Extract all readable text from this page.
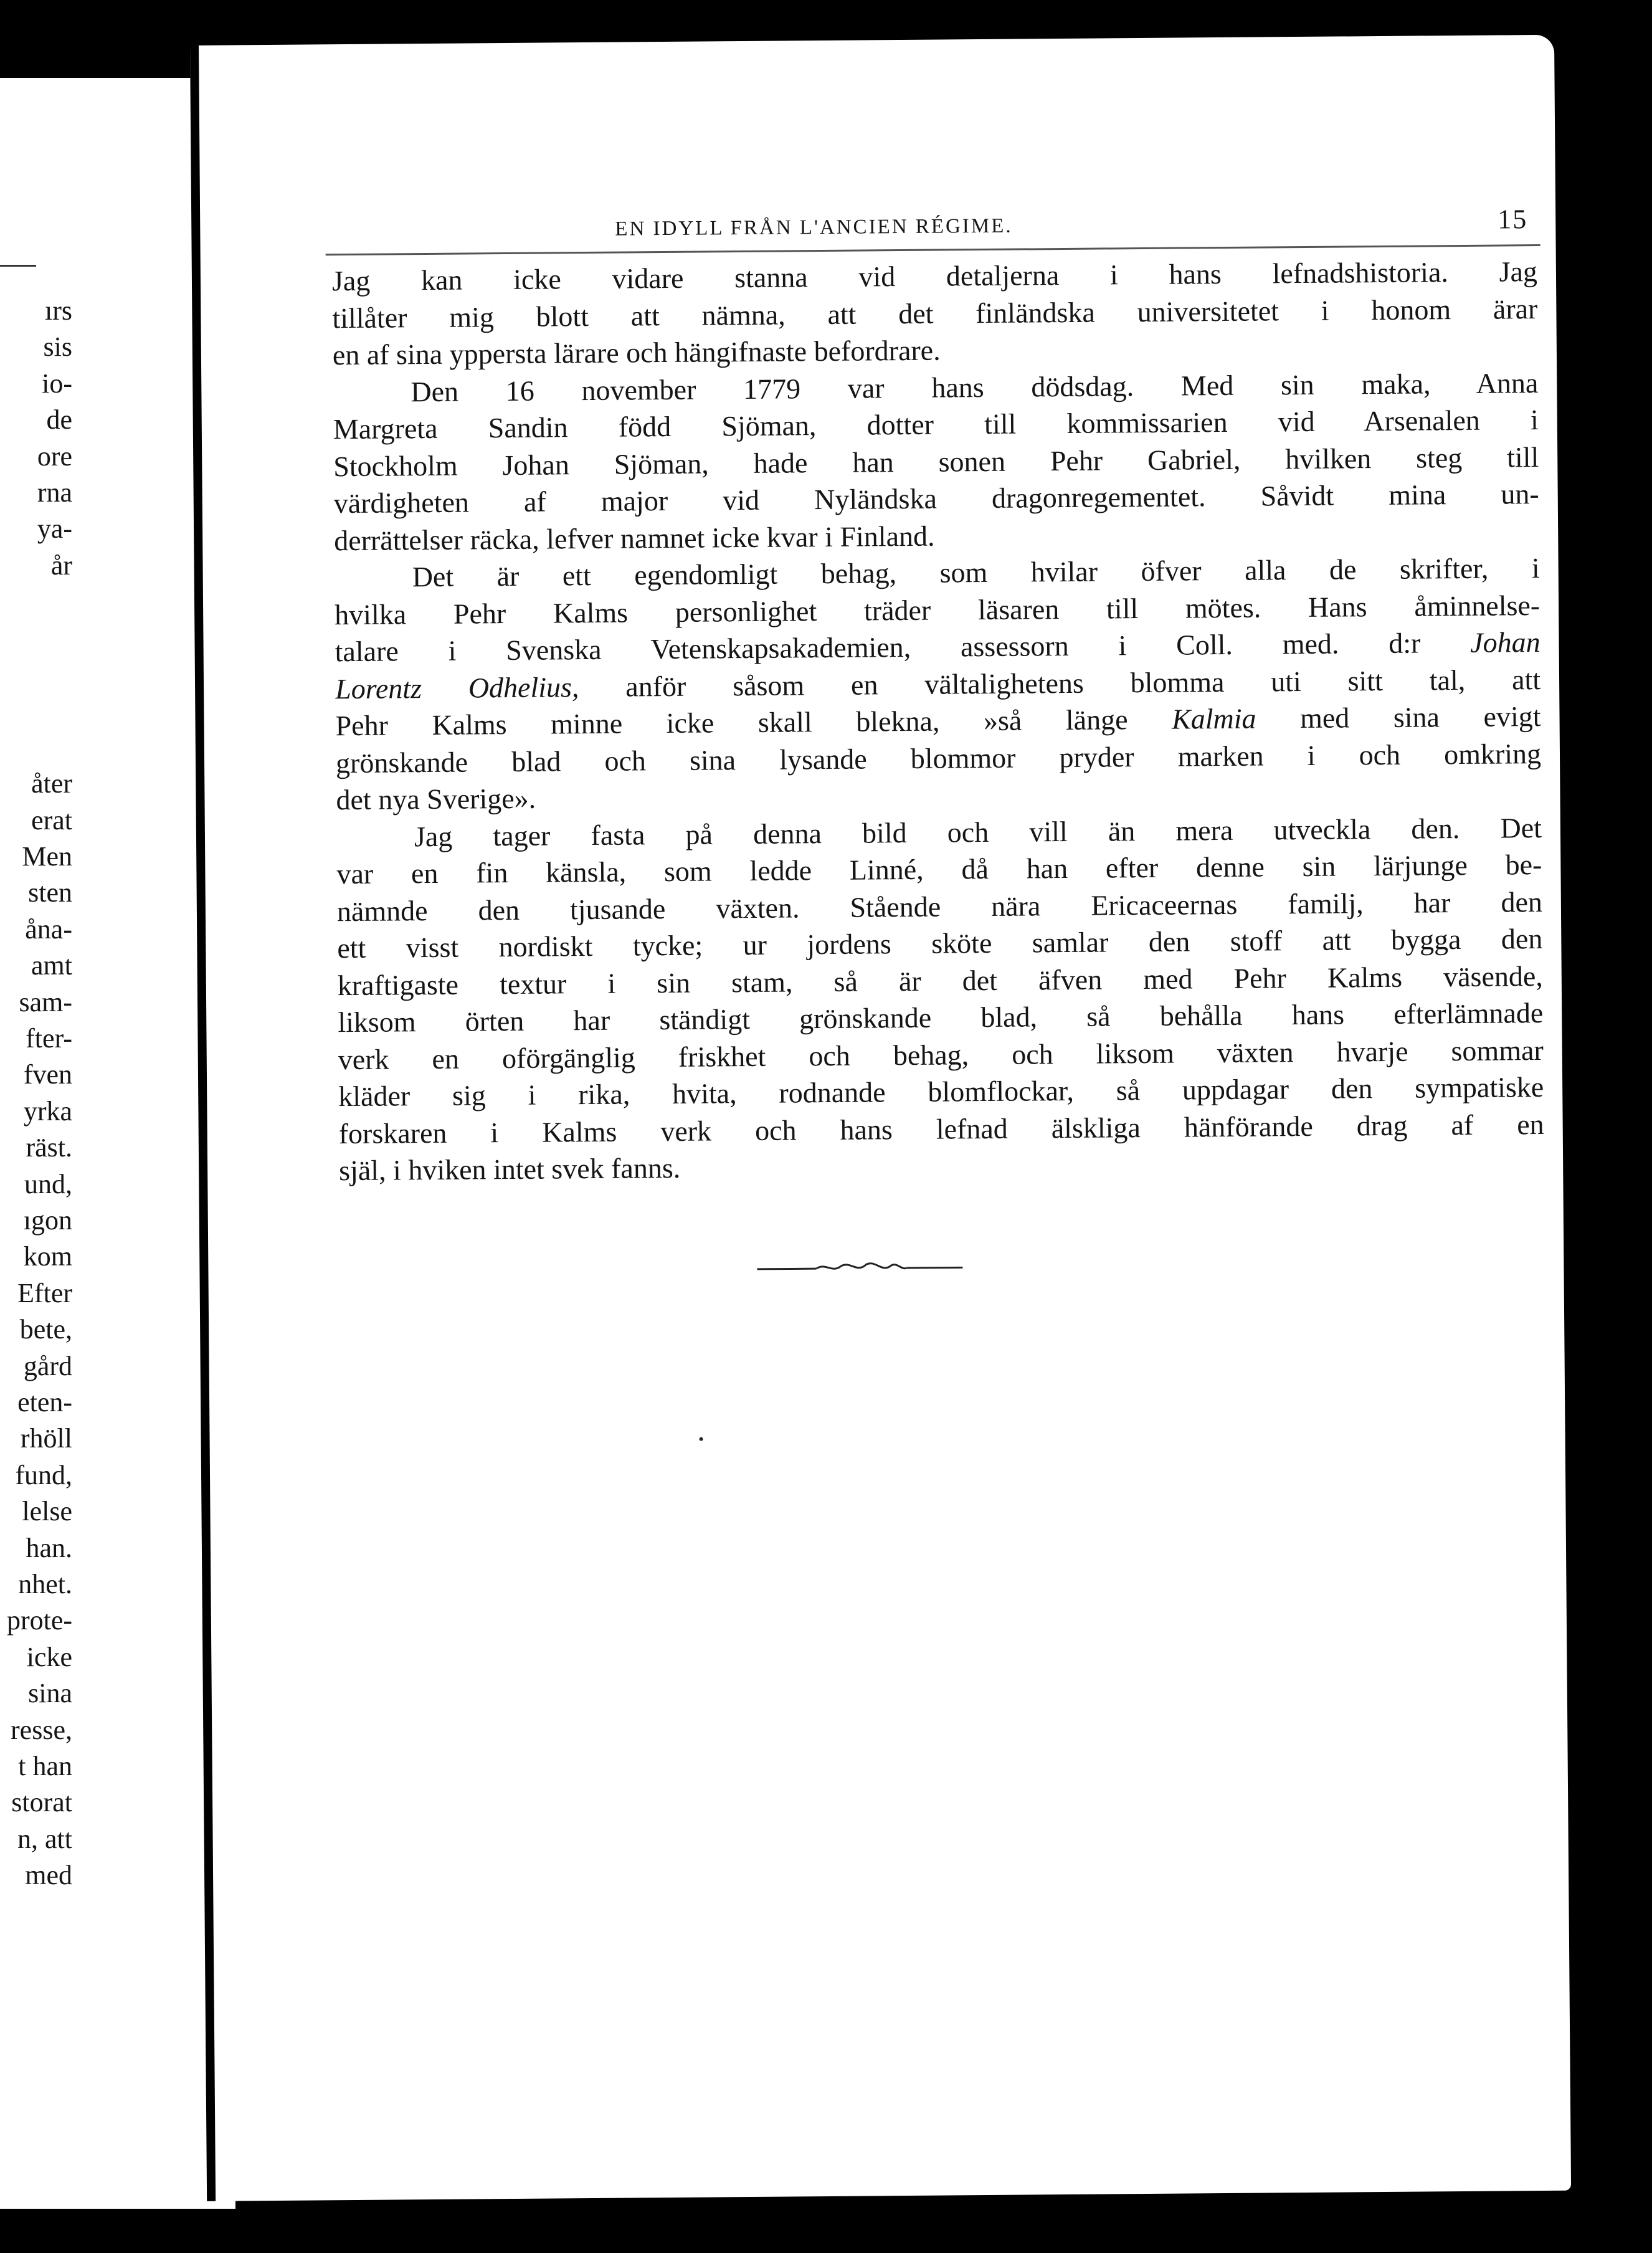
ırs
sis
io-
de
ore
rna
ya-
år
åter
erat
Men
sten
åna-
amt
sam-
fter-
fven
yrka
räst.
und,
ıgon
kom
Efter
bete,
gård
eten-
rhöll
fund,
lelse
han.
nhet.
prote-
icke
sina
resse,
t han
storat
n, att
med
EN IDYLL FRÅN L'ANCIEN RÉGIME.	15
Jag kan icke vidare stanna vid detaljerna i hans lefnadshistoria. Jag
tillåter mig blott att nämna, att det finländska universitetet i honom ärar
en af sina yppersta lärare och hängifnaste befordrare.
Den 16 november 1779 var hans dödsdag. Med sin maka, Anna
Margreta Sandin född Sjöman, dotter till kommissarien vid Arsenalen i
Stockholm Johan Sjöman, hade han sonen Pehr Gabriel, hvilken steg till
värdigheten af major vid Nyländska dragonregementet. Såvidt mina un-
derrättelser räcka, lefver namnet icke kvar i Finland.
Det är ett egendomligt behag, som hvilar öfver alla de skrifter, i
hvilka Pehr Kalms personlighet träder läsaren till mötes. Hans åminnelse-
talare i Svenska Vetenskapsakademien, assessorn i Coll. med. d:r Johan
Lorentz Odhelius, anför såsom en vältalighetens blomma uti sitt tal, att
Pehr Kalms minne icke skall blekna, »så länge Kalmia med sina evigt
grönskande blad och sina lysande blommor pryder marken i och omkring
det nya Sverige».
Jag tager fasta på denna bild och vill än mera utveckla den. Det
var en fin känsla, som ledde Linné, då han efter denne sin lärjunge be-
nämnde den tjusande växten. Stående nära Ericaceernas familj, har den
ett visst nordiskt tycke; ur jordens sköte samlar den stoff att bygga den
kraftigaste textur i sin stam, så är det äfven med Pehr Kalms väsende,
liksom örten har ständigt grönskande blad, så behålla hans efterlämnade
verk en oförgänglig friskhet och behag, och liksom växten hvarje sommar
kläder sig i rika, hvita, rodnande blomflockar, så uppdagar den sympatiske
forskaren i Kalms verk och hans lefnad älskliga hänförande drag af en
själ, i hviken intet svek fanns.
